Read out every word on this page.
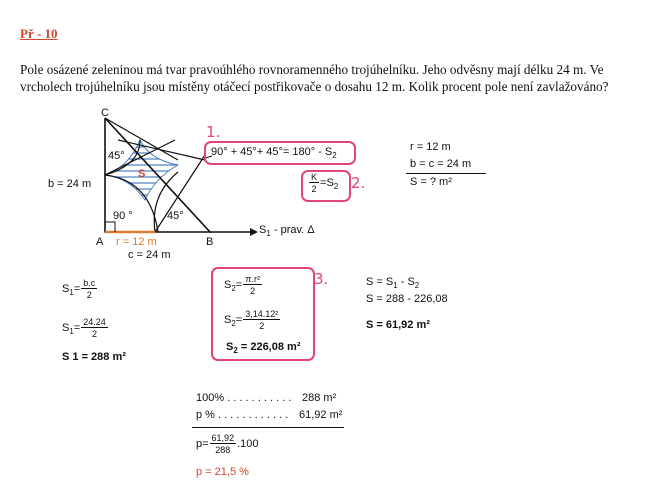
Př - 10
Pole osázené zeleninou má tvar pravoúhlého rovnoramenného trojúhelníku. Jeho odvěsny mají délku 24 m. Ve vrcholech trojúhelníku jsou místěny otáčecí postřikovače o dosahu 12 m. Kolik procent pole není zavlažováno?
C
A	B
45°
90 °	45°
S
b = 24 m
r = 12 m
c = 24 m
$S_1$ - prav. Δ
1.
$90^\circ + 45^\circ+ 45^\circ= 180^\circ - S_2$
$\frac{K}{2} =S_2$ 2.
r = 12 m
b = c = 24 m
S = ? m²
$S_1= \frac{b.c}{2}$
$S_1= \frac{24.24}{2}$
S 1 = 288 m²
3.
$S_2= \frac{\text{π.r²}}{2}$
$S_2= \frac{\text{3,14.12²}}{2}$
$S_2 = 226,08$ m²
$S = S_1 - S_2$
S = 288 - 226,08
S = 61,92 m²
100% . . . . . . . . . . . 288 m²
p % . . . . . . . . . . . . 61,92 m²
$p= \frac{61,92}{288} .100$
p = 21,5 %
